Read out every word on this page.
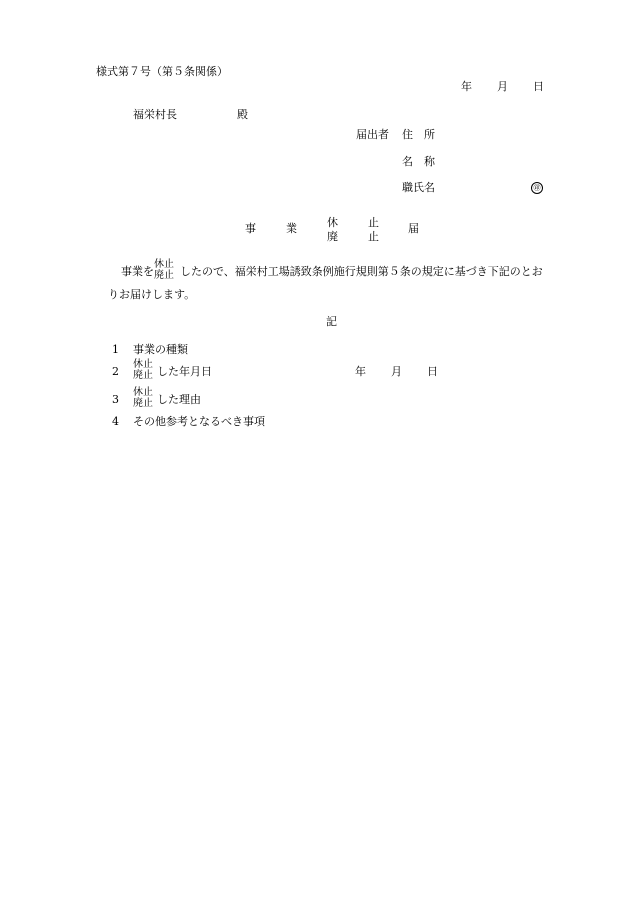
様式第７号（第５条関係）
年 月 日
福栄村長	殿
届出者 住　所
名　称
職氏名	㊞
事	業	休
廃
止
止
届
事業を
休止
廃止 したので、福栄村工場誘致条例施行規則第５条の規定に基づき下記のとお
りお届けします。
記
1 事業の種類
2
休止
廃止 した年月日	年 月 日
3
休止
廃止 した理由
4 その他参考となるべき事項
